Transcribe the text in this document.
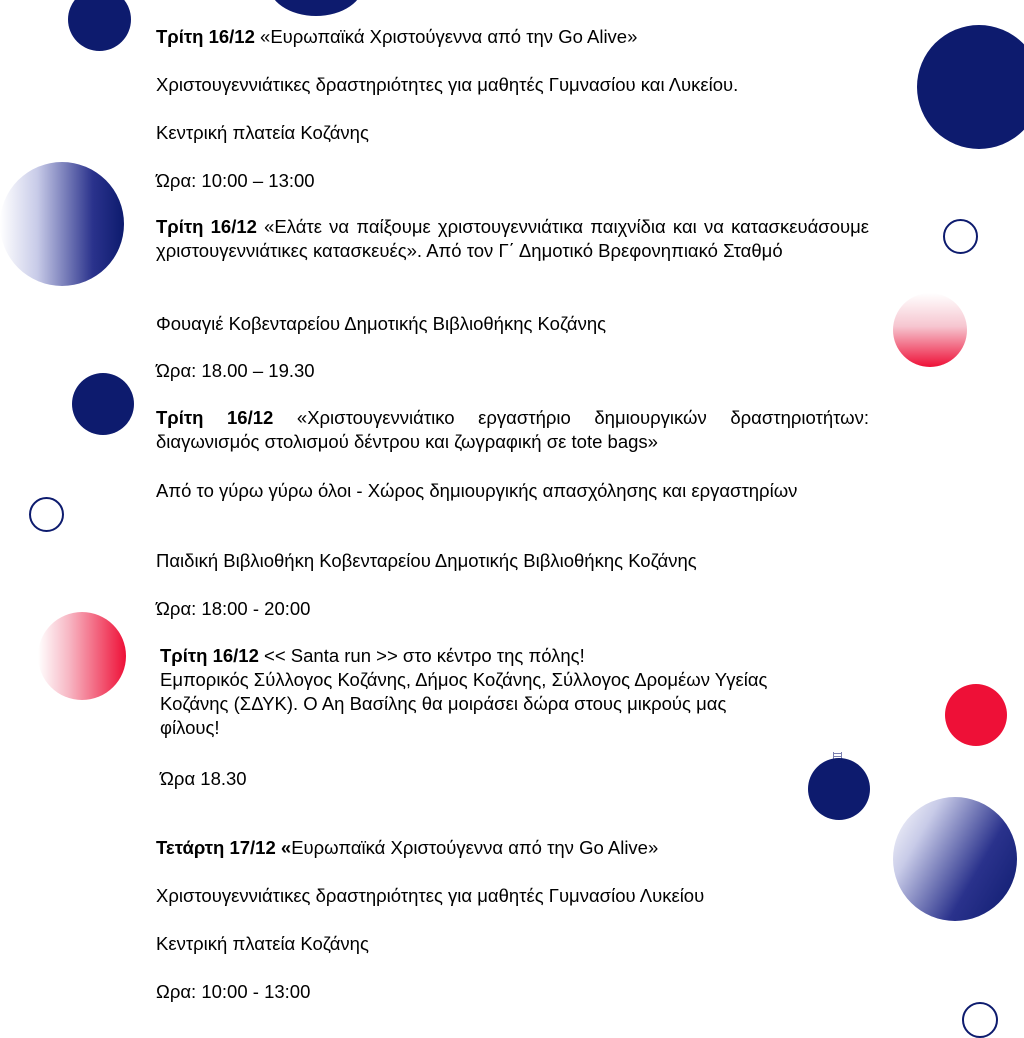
Τρίτη 16/12 «Ευρωπαϊκά Χριστούγεννα από την Go Alive»

Χριστουγεννιάτικες δραστηριότητες για μαθητές Γυμνασίου και Λυκείου.

Κεντρική πλατεία Κοζάνης

Ώρα: 10:00 – 13:00

Τρίτη 16/12 «Ελάτε να παίξουμε χριστουγεννιάτικα παιχνίδια και να κατασκευάσουμε χριστουγεννιάτικες κατασκευές». Από τον Γ΄ Δημοτικό Βρεφονηπιακό Σταθμό

Φουαγιέ Κοβενταρείου Δημοτικής Βιβλιοθήκης Κοζάνης

Ώρα: 18.00 – 19.30

Τρίτη 16/12 «Χριστουγεννιάτικο εργαστήριο δημιουργικών δραστηριοτήτων: διαγωνισμός στολισμού δέντρου και ζωγραφική σε tote bags»

Από το γύρω γύρω όλοι - Χώρος δημιουργικής απασχόλησης και εργαστηρίων

Παιδική Βιβλιοθήκη Κοβενταρείου Δημοτικής Βιβλιοθήκης Κοζάνης

Ώρα: 18:00 - 20:00

Τρίτη 16/12 << Santa run >> στο κέντρο της πόλης!

Εμπορικός Σύλλογος Κοζάνης, Δήμος Κοζάνης, Σύλλογος Δρομέων Υγείας

Κοζάνης (ΣΔΥΚ). Ο Αη Βασίλης θα μοιράσει δώρα στους μικρούς μας

φίλους!

Ώρα 18.30

Τετάρτη 17/12 «Ευρωπαϊκά Χριστούγεννα από την Go Alive»

Χριστουγεννιάτικες δραστηριότητες για μαθητές Γυμνασίου Λυκείου

Κεντρική πλατεία Κοζάνης

Ωρα: 10:00 - 13:00
